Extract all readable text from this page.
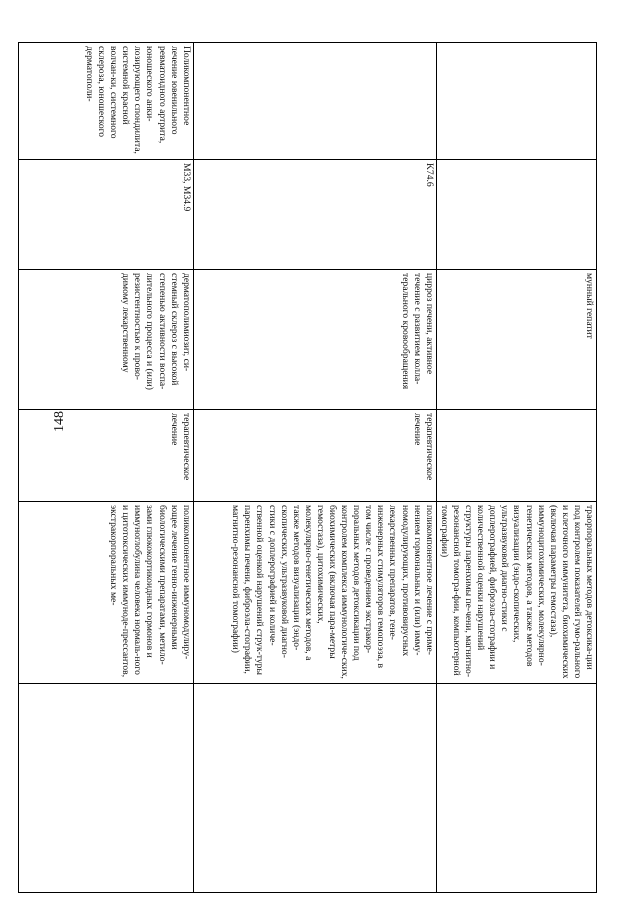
148

		мунный гепатит		траорпоральных методов детоксика-ции под контролем показателей гумо-рального и клеточного иммунитета, биохимических (включая параметры гемостаза), иммуноцитохимических, молекулярно-генетических методов, а также методов визуализации (эндо-скопических, ультразвуковой диагно-стики с доплерографией, фиброэла-стографии и количественной оценки нарушений структуры паренхимы пе-чени, магнитно-резонансной томогра-фии, компьютерной томографии)	

	K74.6	цирроз печени, активное течение с развитием колла-терального кровообращения	терапевтическое лечение	поликомпонентное лечение с приме-нением гормональных и (или) имму-номодулирующих, противовирусных лекарственных препаратов, гене-инженерных стимуляторов гемопоэза, в том числе с проведением экстракор-поральных методов детоксикации под контролем комплекса иммунологиче-ских, биохимических (включая пара-метры гемостаза), цитохимических, молекулярно-генетических методов, а также методов визуализации (эндо-скопических, ультразвуковой диагно-стики с доплерографией и количе-ственной оценкой нарушений струк-туры паренхимы печени, фиброэла-стографии, магнитно-резонансной томографии)	

Поликомпонентное лечение ювенильного ревматоидного артрита, юношеского анки-лозирующего спондилита, системной красной волчан-ки, системного склероза, юношеского дерматополи-	M33, M34.9	дерматополимиозит, си-стемный склероз с высокой степенью активности воспа-лительного процесса и (или) резистентностью к прово-димому лекарственному	терапевтическое лечение	поликомпонентное иммуномодулиру-ющее лечение генно-инженерными биологическими препаратами, метило-зами глюкокортикоидных гормонов и иммуноглобулина человека нормаль-ного и цитотоксических иммуноде-прессантов, экстракорпоральных ме-	
